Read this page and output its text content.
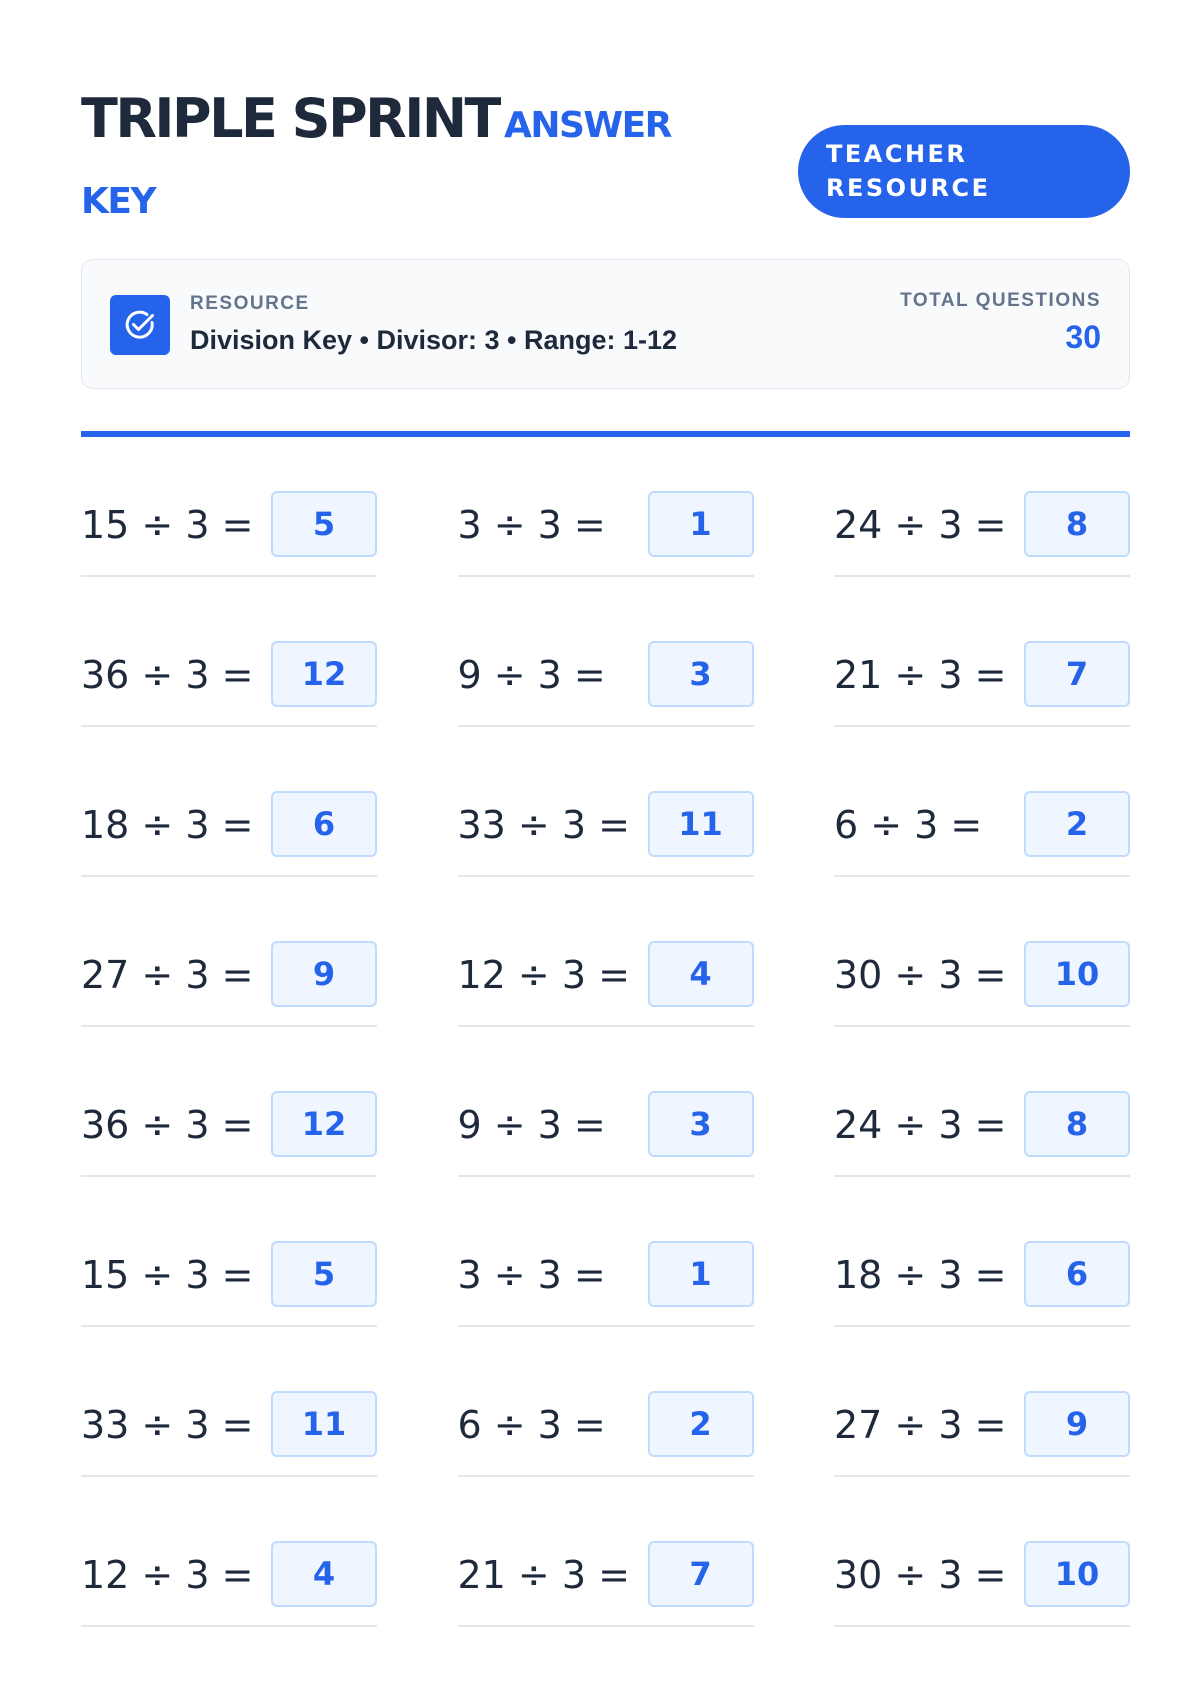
TRIPLE SPRINT ANSWER KEY
TEACHER
RESOURCE
RESOURCE
Division Key • Divisor: 3 • Range: 1-12
TOTAL QUESTIONS
30
15 ÷ 3 =	5	3 ÷ 3 =	1	24 ÷ 3 =	8
36 ÷ 3 =	12	9 ÷ 3 =	3	21 ÷ 3 =	7
18 ÷ 3 =	6	33 ÷ 3 =	11	6 ÷ 3 =	2
27 ÷ 3 =	9	12 ÷ 3 =	4	30 ÷ 3 =	10
36 ÷ 3 =	12	9 ÷ 3 =	3	24 ÷ 3 =	8
15 ÷ 3 =	5	3 ÷ 3 =	1	18 ÷ 3 =	6
33 ÷ 3 =	11	6 ÷ 3 =	2	27 ÷ 3 =	9
12 ÷ 3 =	4	21 ÷ 3 =	7	30 ÷ 3 =	10
